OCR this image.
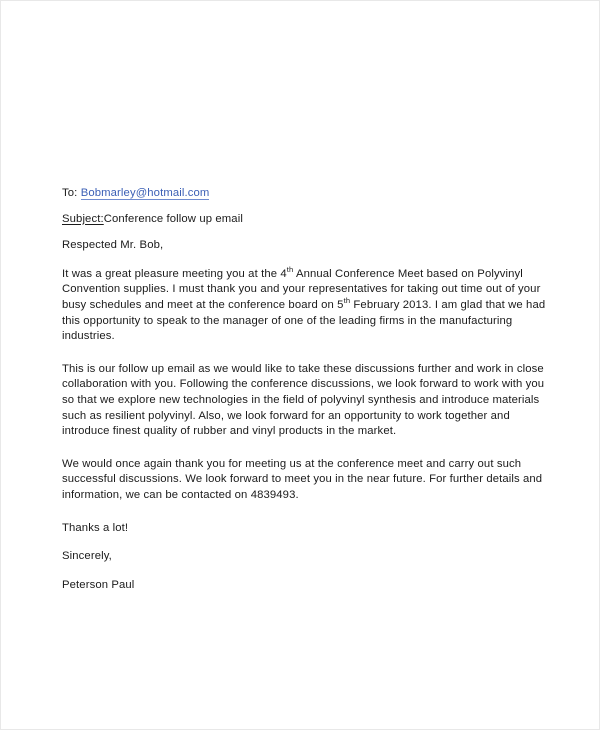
To: Bobmarley@hotmail.com
Subject:Conference follow up email
Respected Mr. Bob,
It was a great pleasure meeting you at the 4th Annual Conference Meet based on Polyvinyl Convention supplies. I must thank you and your representatives for taking out time out of your busy schedules and meet at the conference board on 5th February 2013. I am glad that we had this opportunity to speak to the manager of one of the leading firms in the manufacturing industries.
This is our follow up email as we would like to take these discussions further and work in close collaboration with you. Following the conference discussions, we look forward to work with you so that we explore new technologies in the field of polyvinyl synthesis and introduce materials such as resilient polyvinyl. Also, we look forward for an opportunity to work together and introduce finest quality of rubber and vinyl products in the market.
We would once again thank you for meeting us at the conference meet and carry out such successful discussions. We look forward to meet you in the near future. For further details and information, we can be contacted on 4839493.
Thanks a lot!
Sincerely,
Peterson Paul
